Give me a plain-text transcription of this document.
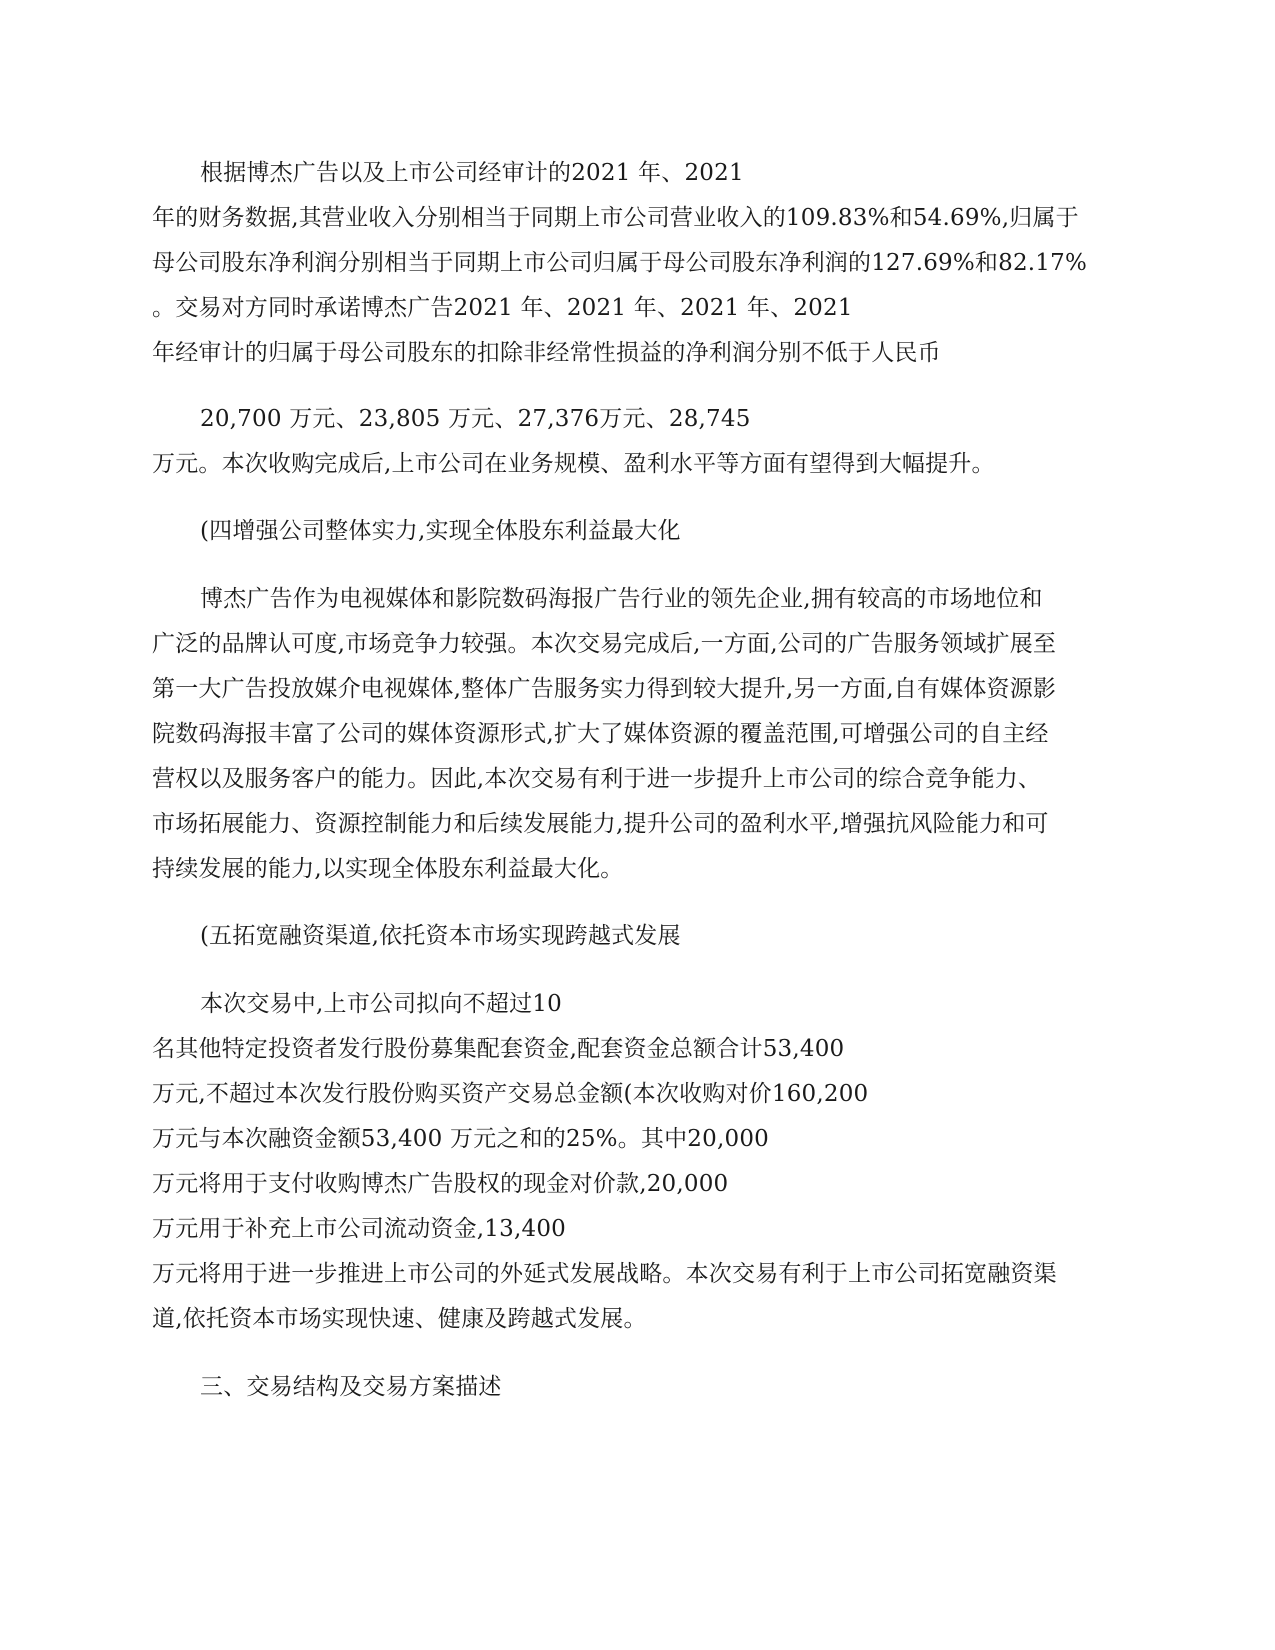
根据博杰广告以及上市公司经审计的2021 年、2021
年的财务数据,其营业收入分别相当于同期上市公司营业收入的109.83%和54.69%,归属于
母公司股东净利润分别相当于同期上市公司归属于母公司股东净利润的127.69%和82.17%
。交易对方同时承诺博杰广告2021 年、2021 年、2021 年、2021
年经审计的归属于母公司股东的扣除非经常性损益的净利润分别不低于人民币
20,700 万元、23,805 万元、27,376万元、28,745
万元。本次收购完成后,上市公司在业务规模、盈利水平等方面有望得到大幅提升。
(四增强公司整体实力,实现全体股东利益最大化
博杰广告作为电视媒体和影院数码海报广告行业的领先企业,拥有较高的市场地位和
广泛的品牌认可度,市场竞争力较强。本次交易完成后,一方面,公司的广告服务领域扩展至
第一大广告投放媒介电视媒体,整体广告服务实力得到较大提升,另一方面,自有媒体资源影
院数码海报丰富了公司的媒体资源形式,扩大了媒体资源的覆盖范围,可增强公司的自主经
营权以及服务客户的能力。因此,本次交易有利于进一步提升上市公司的综合竞争能力、
市场拓展能力、资源控制能力和后续发展能力,提升公司的盈利水平,增强抗风险能力和可
持续发展的能力,以实现全体股东利益最大化。
(五拓宽融资渠道,依托资本市场实现跨越式发展
本次交易中,上市公司拟向不超过10
名其他特定投资者发行股份募集配套资金,配套资金总额合计53,400
万元,不超过本次发行股份购买资产交易总金额(本次收购对价160,200
万元与本次融资金额53,400 万元之和的25%。其中20,000
万元将用于支付收购博杰广告股权的现金对价款,20,000
万元用于补充上市公司流动资金,13,400
万元将用于进一步推进上市公司的外延式发展战略。本次交易有利于上市公司拓宽融资渠
道,依托资本市场实现快速、健康及跨越式发展。
三、交易结构及交易方案描述
